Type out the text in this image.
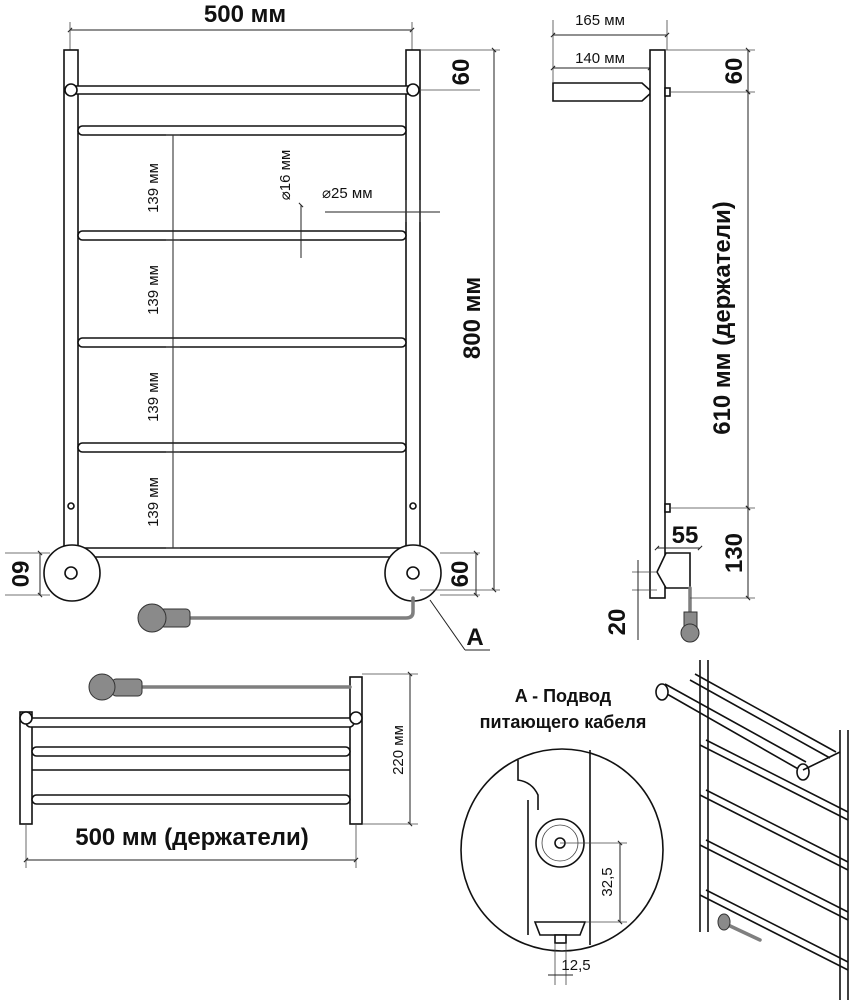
500 мм
139 мм
139 мм
139 мм
139 мм
⌀16 мм
⌀25 мм
800 мм
60
60	60
A
165 мм
140 мм	60
610 мм (держатели)
130
55
20
500 мм (держатели)
220 мм
A - Подвод
питающего кабеля
32,5
12,5
